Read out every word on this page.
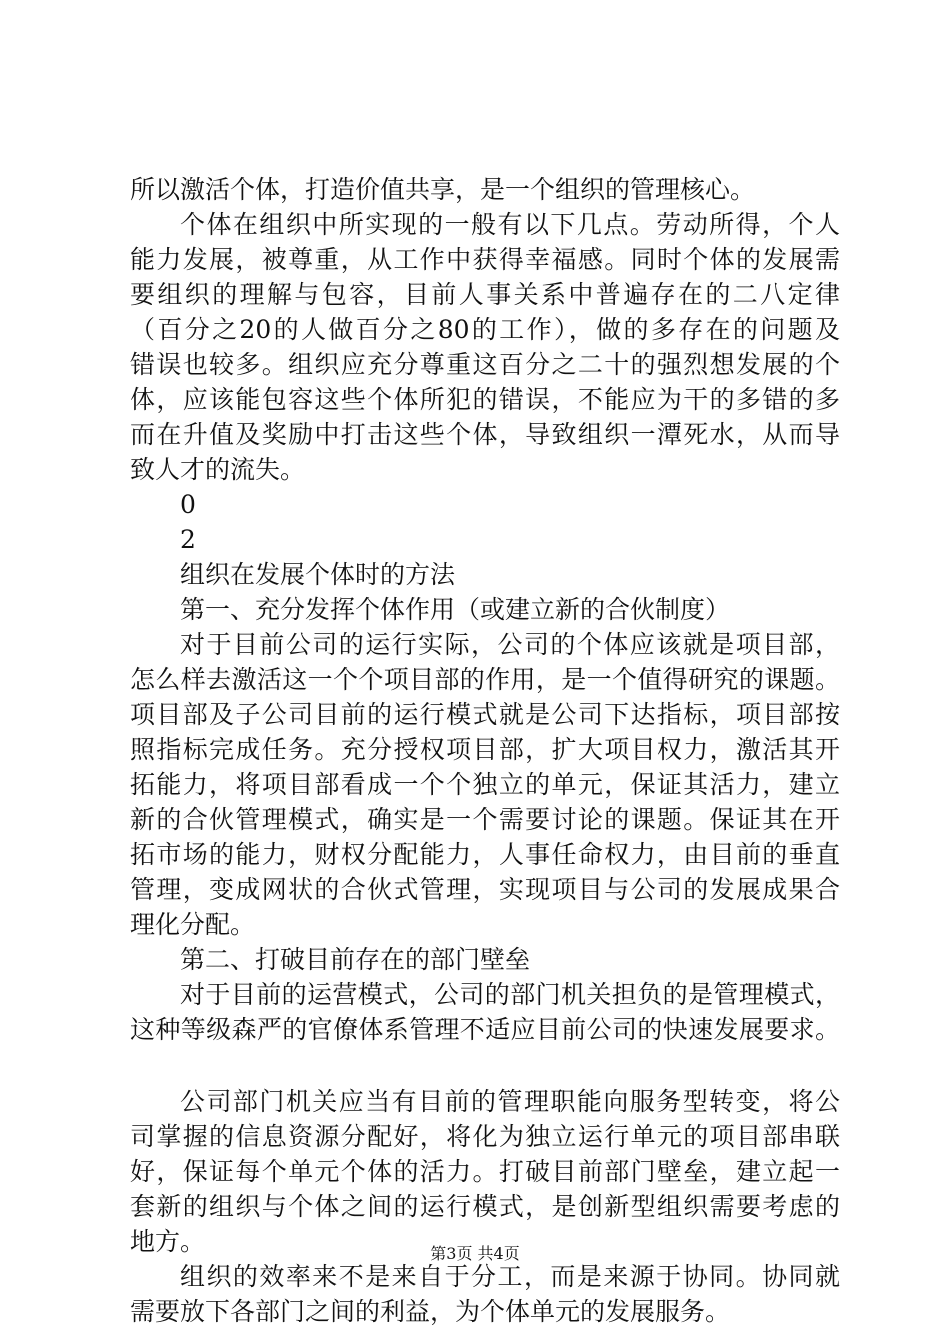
所以激活个体，打造价值共享，是一个组织的管理核心。
个体在组织中所实现的一般有以下几点。劳动所得，个人
能力发展，被尊重，从工作中获得幸福感。同时个体的发展需
要组织的理解与包容，目前人事关系中普遍存在的二八定律
（百分之20的人做百分之80的工作），做的多存在的问题及
错误也较多。组织应充分尊重这百分之二十的强烈想发展的个
体，应该能包容这些个体所犯的错误，不能应为干的多错的多
而在升值及奖励中打击这些个体，导致组织一潭死水，从而导
致人才的流失。
0
2
组织在发展个体时的方法
第一、充分发挥个体作用（或建立新的合伙制度）
对于目前公司的运行实际，公司的个体应该就是项目部，
怎么样去激活这一个个项目部的作用，是一个值得研究的课题。
项目部及子公司目前的运行模式就是公司下达指标，项目部按
照指标完成任务。充分授权项目部，扩大项目权力，激活其开
拓能力，将项目部看成一个个独立的单元，保证其活力，建立
新的合伙管理模式，确实是一个需要讨论的课题。保证其在开
拓市场的能力，财权分配能力，人事任命权力，由目前的垂直
管理，变成网状的合伙式管理，实现项目与公司的发展成果合
理化分配。
第二、打破目前存在的部门壁垒
对于目前的运营模式，公司的部门机关担负的是管理模式，
这种等级森严的官僚体系管理不适应目前公司的快速发展要求。
公司部门机关应当有目前的管理职能向服务型转变，将公
司掌握的信息资源分配好，将化为独立运行单元的项目部串联
好，保证每个单元个体的活力。打破目前部门壁垒，建立起一
套新的组织与个体之间的运行模式，是创新型组织需要考虑的
地方。
组织的效率来不是来自于分工，而是来源于协同。协同就
需要放下各部门之间的利益，为个体单元的发展服务。
第3页 共4页
